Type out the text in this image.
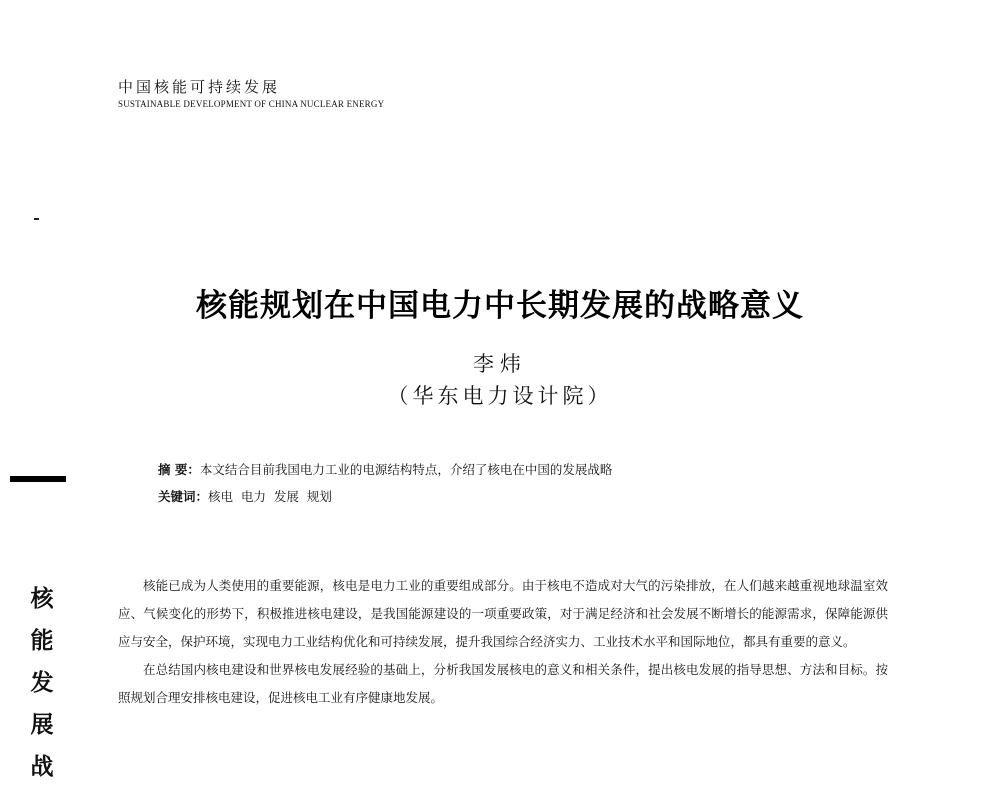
中国核能可持续发展
SUSTAINABLE DEVELOPMENT OF CHINA NUCLEAR ENERGY
核能规划在中国电力中长期发展的战略意义
李炜
（华东电力设计院）
摘 要：本文结合目前我国电力工业的电源结构特点，介绍了核电在中国的发展战略
关键词：核电  电力  发展  规划
核
能
发
展
战

核能已成为人类使用的重要能源，核电是电力工业的重要组成部分。由于核电不造成对大气的污染排放，在人们越来越重视地球温室效应、气候变化的形势下，积极推进核电建设，是我国能源建设的一项重要政策，对于满足经济和社会发展不断增长的能源需求，保障能源供应与安全，保护环境，实现电力工业结构优化和可持续发展，提升我国综合经济实力、工业技术水平和国际地位，都具有重要的意义。

在总结国内核电建设和世界核电发展经验的基础上，分析我国发展核电的意义和相关条件，提出核电发展的指导思想、方法和目标。按照规划合理安排核电建设，促进核电工业有序健康地发展。
